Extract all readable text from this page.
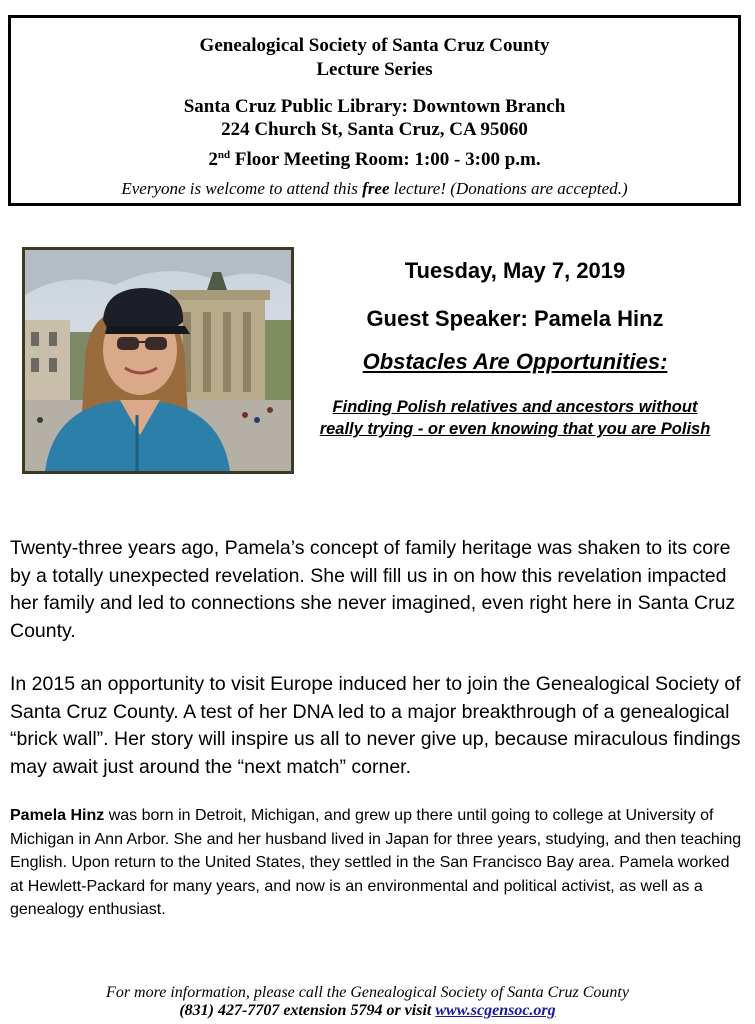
Genealogical Society of Santa Cruz County
Lecture Series
Santa Cruz Public Library: Downtown Branch
224 Church St, Santa Cruz, CA 95060
2nd Floor Meeting Room: 1:00 - 3:00 p.m.
Everyone is welcome to attend this free lecture! (Donations are accepted.)
Tuesday, May 7, 2019
Guest Speaker: Pamela Hinz
Obstacles Are Opportunities:
Finding Polish relatives and ancestors without really trying - or even knowing that you are Polish
Twenty-three years ago, Pamela’s concept of family heritage was shaken to its core by a totally unexpected revelation. She will fill us in on how this revelation impacted her family and led to connections she never imagined, even right here in Santa Cruz County.
In 2015 an opportunity to visit Europe induced her to join the Genealogical Society of Santa Cruz County. A test of her DNA led to a major breakthrough of a genealogical “brick wall”. Her story will inspire us all to never give up, because miraculous findings may await just around the “next match” corner.
Pamela Hinz was born in Detroit, Michigan, and grew up there until going to college at University of Michigan in Ann Arbor. She and her husband lived in Japan for three years, studying, and then teaching English. Upon return to the United States, they settled in the San Francisco Bay area. Pamela worked at Hewlett-Packard for many years, and now is an environmental and political activist, as well as a genealogy enthusiast.
For more information, please call the Genealogical Society of Santa Cruz County
(831) 427-7707 extension 5794 or visit www.scgensoc.org
